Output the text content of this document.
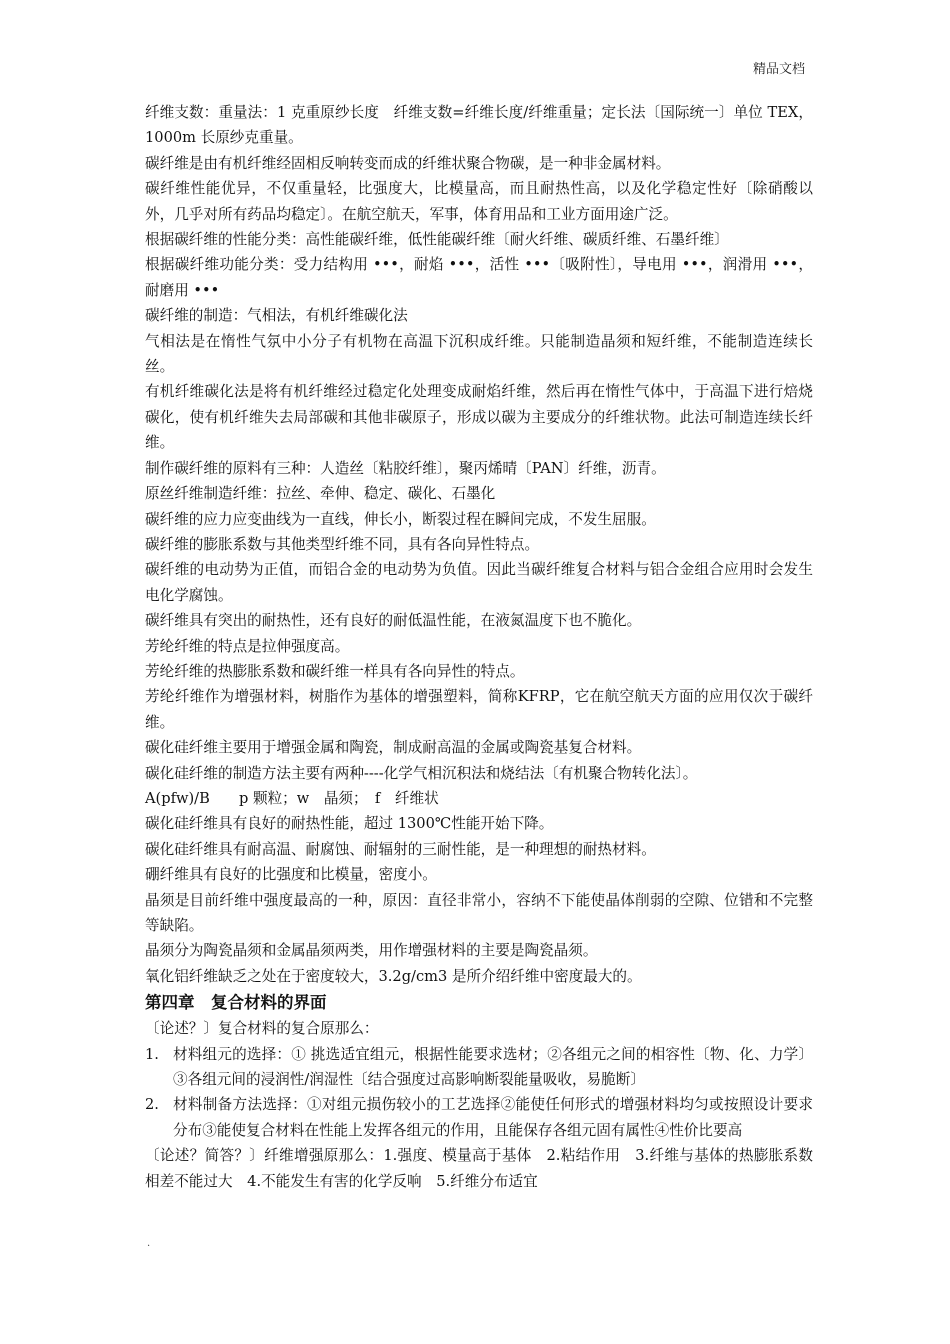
精品文档

纤维支数：重量法：1 克重原纱长度　纤维支数=纤维长度/纤维重量；定长法〔国际统一〕单位 TEX，1000m 长原纱克重量。

碳纤维是由有机纤维经固相反响转变而成的纤维状聚合物碳，是一种非金属材料。

碳纤维性能优异，不仅重量轻，比强度大，比模量高，而且耐热性高，以及化学稳定性好〔除硝酸以外，几乎对所有药品均稳定〕。在航空航天，军事，体育用品和工业方面用途广泛。

根据碳纤维的性能分类：高性能碳纤维，低性能碳纤维〔耐火纤维、碳质纤维、石墨纤维〕

根据碳纤维功能分类：受力结构用 •••，耐焰 •••，活性 •••〔吸附性〕，导电用 •••，润滑用 •••，耐磨用 •••

碳纤维的制造：气相法，有机纤维碳化法

气相法是在惰性气氛中小分子有机物在高温下沉积成纤维。只能制造晶须和短纤维，不能制造连续长丝。

有机纤维碳化法是将有机纤维经过稳定化处理变成耐焰纤维，然后再在惰性气体中，于高温下进行焙烧碳化，使有机纤维失去局部碳和其他非碳原子，形成以碳为主要成分的纤维状物。此法可制造连续长纤维。

制作碳纤维的原料有三种：人造丝〔粘胶纤维〕，聚丙烯晴〔PAN〕纤维，沥青。

原丝纤维制造纤维：拉丝、牵伸、稳定、碳化、石墨化

碳纤维的应力应变曲线为一直线，伸长小，断裂过程在瞬间完成，不发生屈服。

碳纤维的膨胀系数与其他类型纤维不同，具有各向异性特点。

碳纤维的电动势为正值，而铝合金的电动势为负值。因此当碳纤维复合材料与铝合金组合应用时会发生电化学腐蚀。

碳纤维具有突出的耐热性，还有良好的耐低温性能，在液氮温度下也不脆化。

芳纶纤维的特点是拉伸强度高。

芳纶纤维的热膨胀系数和碳纤维一样具有各向异性的特点。

芳纶纤维作为增强材料，树脂作为基体的增强塑料，简称KFRP，它在航空航天方面的应用仅次于碳纤维。

碳化硅纤维主要用于增强金属和陶瓷，制成耐高温的金属或陶瓷基复合材料。

碳化硅纤维的制造方法主要有两种----化学气相沉积法和烧结法〔有机聚合物转化法〕。

A(pfw)/B　　p 颗粒；w　晶须；　f　纤维状

碳化硅纤维具有良好的耐热性能，超过 1300℃性能开始下降。

碳化硅纤维具有耐高温、耐腐蚀、耐辐射的三耐性能，是一种理想的耐热材料。

硼纤维具有良好的比强度和比模量，密度小。

晶须是目前纤维中强度最高的一种，原因：直径非常小，容纳不下能使晶体削弱的空隙、位错和不完整等缺陷。

晶须分为陶瓷晶须和金属晶须两类，用作增强材料的主要是陶瓷晶须。

氧化铝纤维缺乏之处在于密度较大，3.2g/cm3 是所介绍纤维中密度最大的。

第四章　复合材料的界面

〔论述？〕复合材料的复合原那么：

1. 材料组元的选择：① 挑选适宜组元，根据性能要求选材；②各组元之间的相容性〔物、化、力学〕③各组元间的浸润性/润湿性〔结合强度过高影响断裂能量吸收，易脆断〕
2. 材料制备方法选择：①对组元损伤较小的工艺选择②能使任何形式的增强材料均匀或按照设计要求分布③能使复合材料在性能上发挥各组元的作用，且能保存各组元固有属性④性价比要高

〔论述？简答？〕纤维增强原那么：1.强度、模量高于基体　2.粘结作用　3.纤维与基体的热膨胀系数相差不能过大　4.不能发生有害的化学反响　5.纤维分布适宜

.
